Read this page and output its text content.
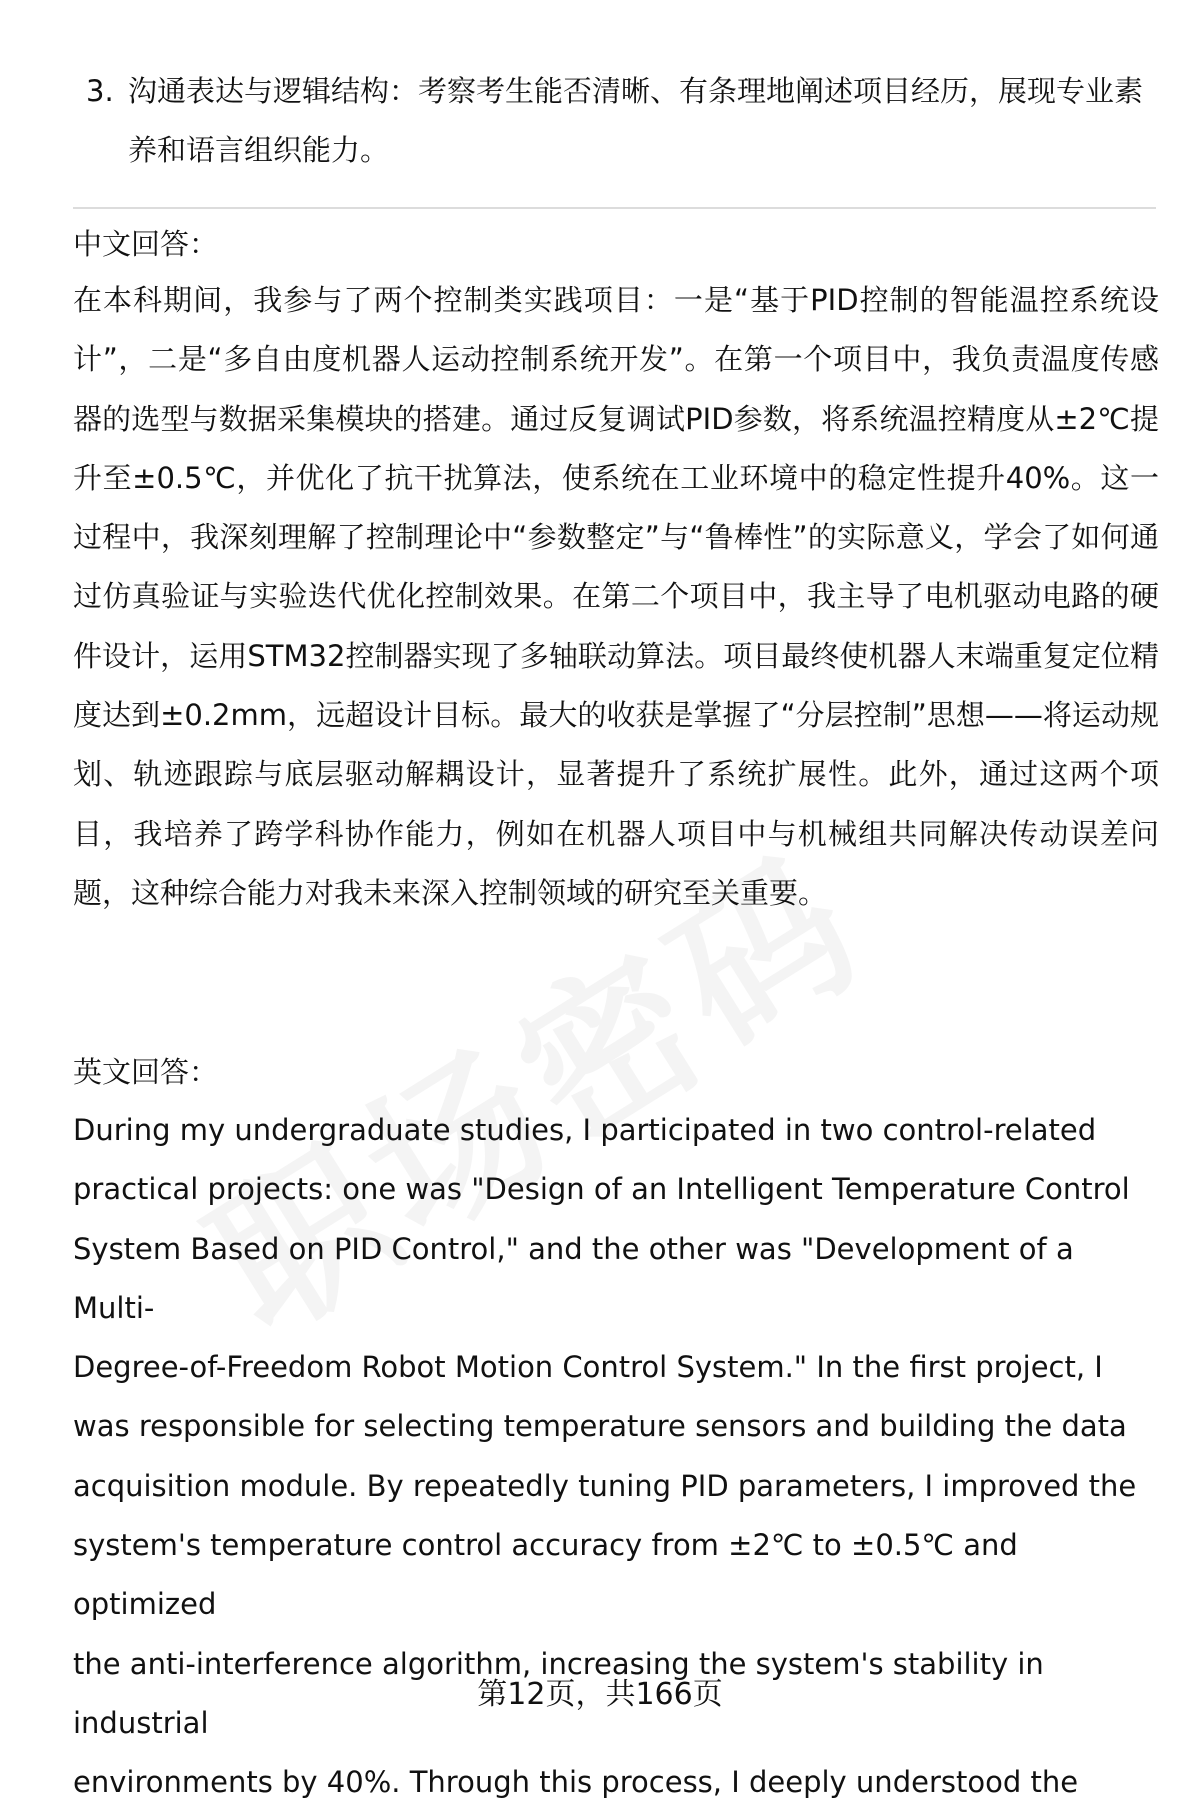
3. 沟通表达与逻辑结构：考察考生能否清晰、有条理地阐述项目经历，展现专业素养和语言组织能力。
中文回答：
在本科期间，我参与了两个控制类实践项目：一是“基于PID控制的智能温控系统设计”，二是“多自由度机器人运动控制系统开发”。在第一个项目中，我负责温度传感器的选型与数据采集模块的搭建。通过反复调试PID参数，将系统温控精度从±2℃提升至±0.5℃，并优化了抗干扰算法，使系统在工业环境中的稳定性提升40%。这一过程中，我深刻理解了控制理论中“参数整定”与“鲁棒性”的实际意义，学会了如何通过仿真验证与实验迭代优化控制效果。在第二个项目中，我主导了电机驱动电路的硬件设计，运用STM32控制器实现了多轴联动算法。项目最终使机器人末端重复定位精度达到±0.2mm，远超设计目标。最大的收获是掌握了“分层控制”思想——将运动规划、轨迹跟踪与底层驱动解耦设计，显著提升了系统扩展性。此外，通过这两个项目，我培养了跨学科协作能力，例如在机器人项目中与机械组共同解决传动误差问题，这种综合能力对我未来深入控制领域的研究至关重要。
英文回答：
During my undergraduate studies, I participated in two control-related
practical projects: one was "Design of an Intelligent Temperature Control
System Based on PID Control," and the other was "Development of a Multi-
Degree-of-Freedom Robot Motion Control System." In the first project, I
was responsible for selecting temperature sensors and building the data
acquisition module. By repeatedly tuning PID parameters, I improved the
system's temperature control accuracy from ±2℃ to ±0.5℃ and optimized
the anti-interference algorithm, increasing the system's stability in industrial
environments by 40%. Through this process, I deeply understood the
第12页，共166页
